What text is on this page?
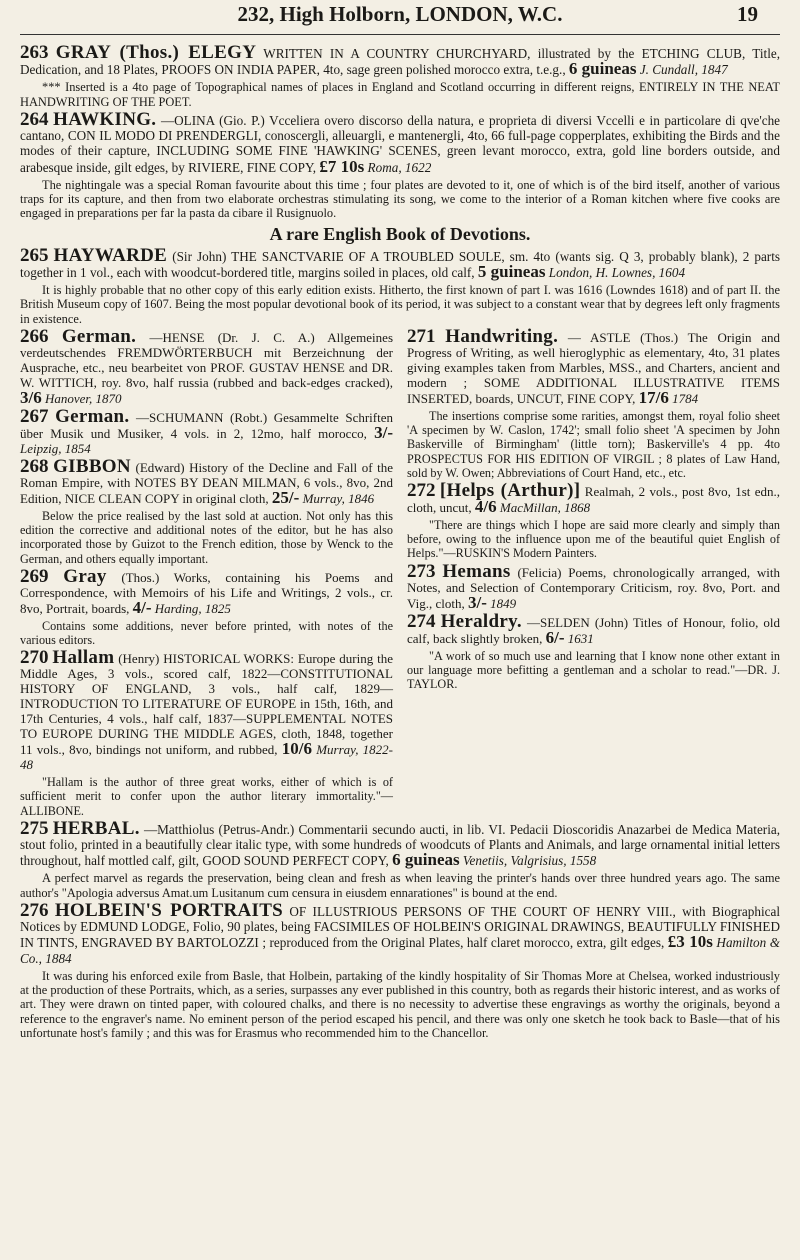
232, High Holborn, LONDON, W.C.	19

263 GRAY (Thos.) ELEGY WRITTEN IN A COUNTRY CHURCHYARD, illustrated by the ETCHING CLUB, Title, Dedication, and 18 Plates, PROOFS ON INDIA PAPER, 4to, sage green polished morocco extra, t.e.g., 6 guineas J. Cundall, 1847

*** Inserted is a 4to page of Topographical names of places in England and Scotland occurring in different reigns, ENTIRELY IN THE NEAT HANDWRITING OF THE POET.

264 HAWKING. —OLINA (Gio. P.) Vcceliera overo discorso della natura, e proprieta di diversi Vccelli e in particolare di qve'che cantano, CON IL MODO DI PRENDERGLI, conoscergli, alleuargli, e mantenergli, 4to, 66 full-page copperplates, exhibiting the Birds and the modes of their capture, INCLUDING SOME FINE 'HAWKING' SCENES, green levant morocco, extra, gold line borders outside, and arabesque inside, gilt edges, by RIVIERE, FINE COPY, £7 10s Roma, 1622

The nightingale was a special Roman favourite about this time ; four plates are devoted to it, one of which is of the bird itself, another of various traps for its capture, and then from two elaborate orchestras stimulating its song, we come to the interior of a Roman kitchen where five cooks are engaged in preparations per far la pasta da cibare il Rusignuolo.

A rare English Book of Devotions.

265 HAYWARDE (Sir John) THE SANCTVARIE OF A TROUBLED SOULE, sm. 4to (wants sig. Q 3, probably blank), 2 parts together in 1 vol., each with woodcut-bordered title, margins soiled in places, old calf, 5 guineas London, H. Lownes, 1604

It is highly probable that no other copy of this early edition exists. Hitherto, the first known of part I. was 1616 (Lowndes 1618) and of part II. the British Museum copy of 1607. Being the most popular devotional book of its period, it was subject to a constant wear that by degrees left only fragments in existence.

266 German. —HENSE (Dr. J. C. A.) Allgemeines verdeutschendes FREMDWÖRTERBUCH mit Berzeichnung der Ausprache, etc., neu bearbeitet von PROF. GUSTAV HENSE and DR. W. WITTICH, roy. 8vo, half russia (rubbed and back-edges cracked), 3/6 Hanover, 1870

267 German. —SCHUMANN (Robt.) Gesammelte Schriften über Musik und Musiker, 4 vols. in 2, 12mo, half morocco, 3/- Leipzig, 1854

268 GIBBON (Edward) History of the Decline and Fall of the Roman Empire, with NOTES BY DEAN MILMAN, 6 vols., 8vo, 2nd Edition, NICE CLEAN COPY in original cloth, 25/- Murray, 1846

Below the price realised by the last sold at auction. Not only has this edition the corrective and additional notes of the editor, but he has also incorporated those by Guizot to the French edition, those by Wenck to the German, and others equally important.

269 Gray (Thos.) Works, containing his Poems and Correspondence, with Memoirs of his Life and Writings, 2 vols., cr. 8vo, Portrait, boards, 4/- Harding, 1825

Contains some additions, never before printed, with notes of the various editors.

270 Hallam (Henry) HISTORICAL WORKS: Europe during the Middle Ages, 3 vols., scored calf, 1822—CONSTITUTIONAL HISTORY OF ENGLAND, 3 vols., half calf, 1829—INTRODUCTION TO LITERATURE OF EUROPE in 15th, 16th, and 17th Centuries, 4 vols., half calf, 1837—SUPPLEMENTAL NOTES TO EUROPE DURING THE MIDDLE AGES, cloth, 1848, together 11 vols., 8vo, bindings not uniform, and rubbed, 10/6 Murray, 1822-48

"Hallam is the author of three great works, either of which is of sufficient merit to confer upon the author literary immortality."—ALLIBONE.

271 Handwriting. — ASTLE (Thos.) The Origin and Progress of Writing, as well hieroglyphic as elementary, 4to, 31 plates giving examples taken from Marbles, MSS., and Charters, ancient and modern ; SOME ADDITIONAL ILLUSTRATIVE ITEMS INSERTED, boards, UNCUT, FINE COPY, 17/6 1784

The insertions comprise some rarities, amongst them, royal folio sheet 'A specimen by W. Caslon, 1742'; small folio sheet 'A specimen by John Baskerville of Birmingham' (little torn); Baskerville's 4 pp. 4to PROSPECTUS FOR HIS EDITION OF VIRGIL ; 8 plates of Law Hand, sold by W. Owen; Abbreviations of Court Hand, etc., etc.

272 [Helps (Arthur)] Realmah, 2 vols., post 8vo, 1st edn., cloth, uncut, 4/6 MacMillan, 1868

"There are things which I hope are said more clearly and simply than before, owing to the influence upon me of the beautiful quiet English of Helps."—RUSKIN'S Modern Painters.

273 Hemans (Felicia) Poems, chronologically arranged, with Notes, and Selection of Contemporary Criticism, roy. 8vo, Port. and Vig., cloth, 3/- 1849

274 Heraldry. —SELDEN (John) Titles of Honour, folio, old calf, back slightly broken, 6/- 1631

"A work of so much use and learning that I know none other extant in our language more befitting a gentleman and a scholar to read."—DR. J. TAYLOR.

275 HERBAL. —Matthiolus (Petrus-Andr.) Commentarii secundo aucti, in lib. VI. Pedacii Dioscoridis Anazarbei de Medica Materia, stout folio, printed in a beautifully clear italic type, with some hundreds of woodcuts of Plants and Animals, and large ornamental initial letters throughout, half mottled calf, gilt, GOOD SOUND PERFECT COPY, 6 guineas Venetiis, Valgrisius, 1558

A perfect marvel as regards the preservation, being clean and fresh as when leaving the printer's hands over three hundred years ago. The same author's "Apologia adversus Amat.um Lusitanum cum censura in eiusdem ennarationes" is bound at the end.

276 HOLBEIN'S PORTRAITS OF ILLUSTRIOUS PERSONS OF THE COURT OF HENRY VIII., with Biographical Notices by EDMUND LODGE, Folio, 90 plates, being FACSIMILES OF HOLBEIN'S ORIGINAL DRAWINGS, BEAUTIFULLY FINISHED IN TINTS, ENGRAVED BY BARTOLOZZI ; reproduced from the Original Plates, half claret morocco, extra, gilt edges, £3 10s Hamilton & Co., 1884

It was during his enforced exile from Basle, that Holbein, partaking of the kindly hospitality of Sir Thomas More at Chelsea, worked industriously at the production of these Portraits, which, as a series, surpasses any ever published in this country, both as regards their historic interest, and as works of art. They were drawn on tinted paper, with coloured chalks, and there is no necessity to advertise these engravings as worthy the originals, beyond a reference to the engraver's name. No eminent person of the period escaped his pencil, and there was only one sketch he took back to Basle—that of his unfortunate host's family ; and this was for Erasmus who recommended him to the Chancellor.
